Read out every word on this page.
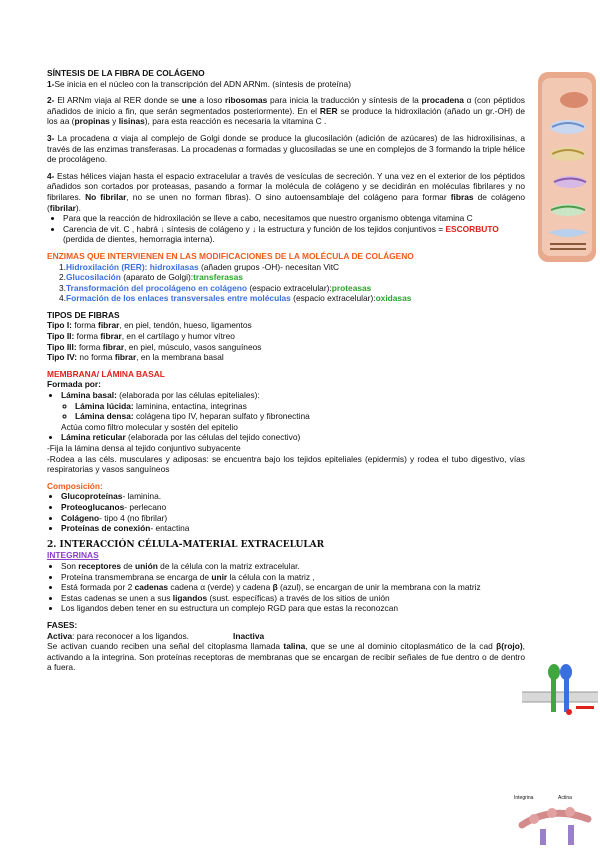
SÍNTESIS DE LA FIBRA DE COLÁGENO

1-Se inicia en el núcleo con la transcripción del ADN ARNm. (síntesis de proteína)

2- El ARNm viaja al RER donde se une a loso ribosomas para inicia la traducción y síntesis de la procadena α (con péptidos añadidos de inicio a fin, que serán segmentados posteriormente). En el RER se produce la hidroxilación (añado un gr.-OH) de los aa (propinas y lisinas), para esta reacción es necesaria la vitamina C .

3- La procadena α viaja al complejo de Golgi donde se produce la glucosilación (adición de azúcares) de las hidroxilisinas, a través de las enzimas transferasas. La procadenas α formadas y glucosiladas se une en complejos de 3 formando la triple hélice de procolágeno.

4- Estas hélices viajan hasta el espacio extracelular a través de vesículas de secreción. Y una vez en el exterior de los péptidos añadidos son cortados por proteasas, pasando a formar la molécula de colágeno y se decidirán en moléculas fibrilares y no fibrilares. No fibrilar, no se unen no forman fibras). O sino autoensamblaje del colágeno para formar fibras de colágeno (fibrilar).

• Para que la reacción de hidroxilación se lleve a cabo, necesitamos que nuestro organismo obtenga vitamina C
• Carencia de vit. C , habrá ↓ síntesis de colágeno y ↓ la estructura y función de los tejidos conjuntivos = ESCORBUTO (perdida de dientes, hemorragia interna).

ENZIMAS QUE INTERVIENEN EN LAS MODIFICACIONES DE LA MOLÉCULA DE COLÁGENO

1.Hidroxilación (RER): hidroxilasas (añaden grupos -OH)- necesitan VitC
2.Glucosilación (aparato de Golgi):transferasas
3.Transformación del procolágeno en colágeno (espacio extracelular):proteasas
4.Formación de los enlaces transversales entre moléculas (espacio extracelular):oxidasas

TIPOS DE FIBRAS

Tipo I: forma fibrar, en piel, tendón, hueso, ligamentos

Tipo II: forma fibrar, en el cartílago y humor vítreo

Tipo III: forma fibrar, en piel, músculo, vasos sanguíneos

Tipo IV: no forma fibrar, en la membrana basal

MEMBRANA/ LÁMINA BASAL

Formada por:

• Lámina basal: (elaborada por las células epiteliales):
◦ Lámina lúcida: laminina, entactina, integrinas
◦ Lámina densa: colágena tipo IV, heparan sulfato y fibronectina
Actúa como filtro molecular y sostén del epitelio
• Lámina reticular (elaborada por las células del tejido conectivo)

-Fija la lámina densa al tejido conjuntivo subyacente

-Rodea a las céls. musculares y adiposas: se encuentra bajo los tejidos epiteliales (epidermis) y rodea el tubo digestivo, vías respiratorias y vasos sanguíneos

Composición:

• Glucoproteínas- laminina.
• Proteoglucanos- perlecano
• Colágeno- tipo 4 (no fibrilar)
• Proteínas de conexión- entactina

2. INTERACCIÓN CÉLULA-MATERIAL EXTRACELULAR

INTEGRINAS

• Son receptores de unión de la célula con la matriz extracelular.
• Proteína transmembrana se encarga de unir la célula con la matriz ,
• Está formada por 2 cadenas cadena α (verde) y cadena β (azul), se encargan de unir la membrana con la matriz
• Estas cadenas se unen a sus ligandos (sust. específicas) a través de los sitios de unión
• Los ligandos deben tener en su estructura un complejo RGD para que estas la reconozcan

FASES:

Activa: para reconocer a los ligandos.	Inactiva

Se activan cuando reciben una señal del citoplasma llamada talina, que se une al dominio citoplasmático de la cad β(rojo), activando a la integrina. Son proteínas receptoras de membranas que se encargan de recibir señales de fue dentro o de dentro a fuera.

Integrina	Actina
